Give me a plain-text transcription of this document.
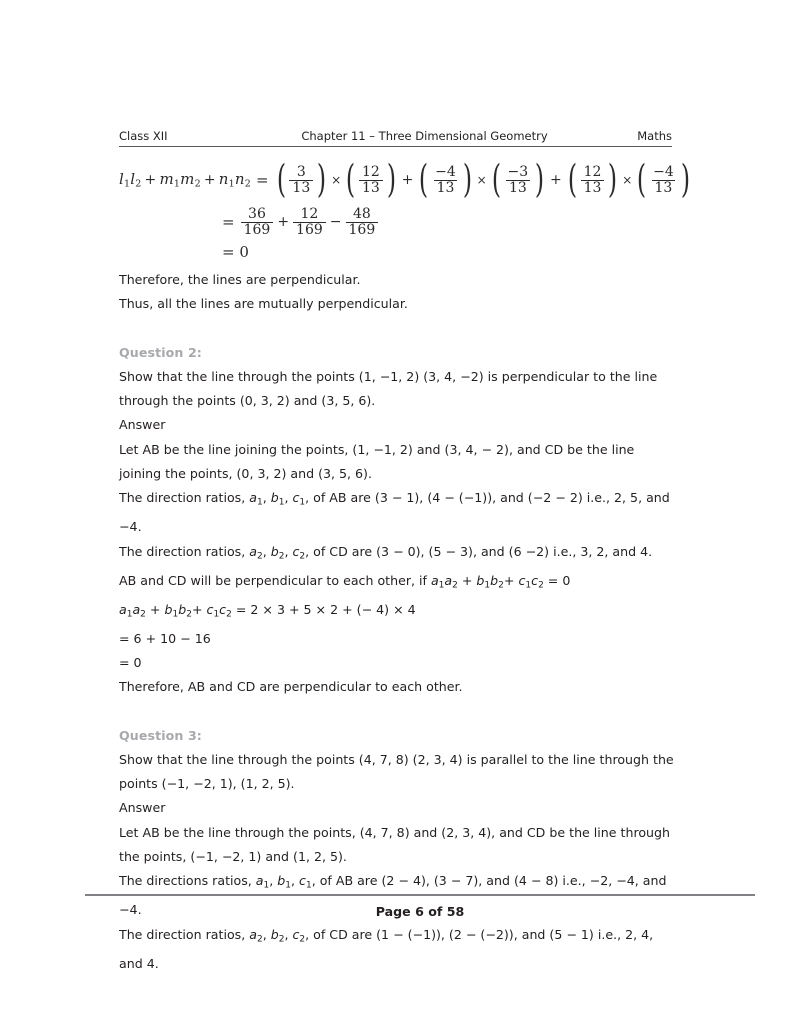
Class XII	Chapter 11 – Three Dimensional Geometry	Maths
$l_1l_2 + m_1m_2 + n_1n_2$ = ( $\frac{3}{13}$ ) × ( $\frac{12}{13}$ ) + ( $\frac{-4}{13}$ ) × ( $\frac{-3}{13}$ ) + ( $\frac{12}{13}$ ) × ( $\frac{-4}{13}$ )
= $\frac{36}{169} + \frac{12}{169} - \frac{48}{169}$
= 0

Therefore, the lines are perpendicular.

Thus, all the lines are mutually perpendicular.

Question 2:

Show that the line through the points (1, −1, 2) (3, 4, −2) is perpendicular to the line through the points (0, 3, 2) and (3, 5, 6).

Answer

Let AB be the line joining the points, (1, −1, 2) and (3, 4, − 2), and CD be the line joining the points, (0, 3, 2) and (3, 5, 6).

The direction ratios, $a_1$, $b_1$, $c_1$, of AB are (3 − 1), (4 − (−1)), and (−2 − 2) i.e., 2, 5, and −4.

The direction ratios, $a_2$, $b_2$, $c_2$, of CD are (3 − 0), (5 − 3), and (6 −2) i.e., 3, 2, and 4.

AB and CD will be perpendicular to each other, if $a_1a_2 + b_1b_2+ c_1c_2 = 0$

$a_1a_2 + b_1b_2+ c_1c_2 = 2 \times 3 + 5 \times 2$ + (− 4) × 4

= 6 + 10 − 16

= 0

Therefore, AB and CD are perpendicular to each other.

Question 3:

Show that the line through the points (4, 7, 8) (2, 3, 4) is parallel to the line through the points (−1, −2, 1), (1, 2, 5).

Answer

Let AB be the line through the points, (4, 7, 8) and (2, 3, 4), and CD be the line through the points, (−1, −2, 1) and (1, 2, 5).

The directions ratios, $a_1$, $b_1$, $c_1$, of AB are (2 − 4), (3 − 7), and (4 − 8) i.e., −2, −4, and −4.

The direction ratios, $a_2$, $b_2$, $c_2$, of CD are (1 − (−1)), (2 − (−2)), and (5 − 1) i.e., 2, 4, and 4.

Page 6 of 58
